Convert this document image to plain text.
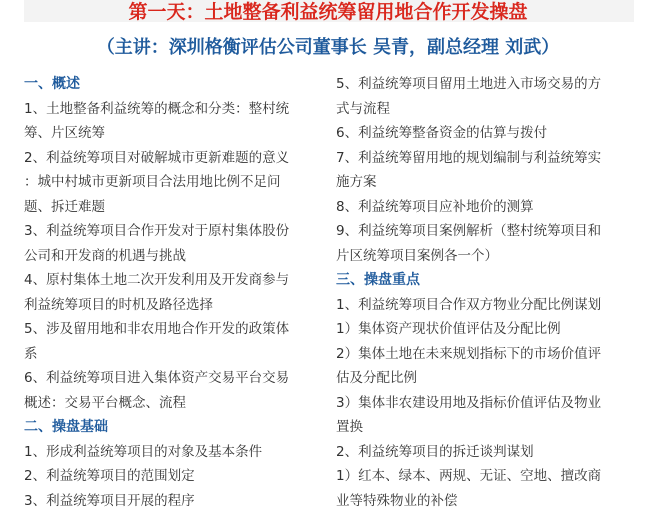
第一天：土地整备利益统筹留用地合作开发操盘
（主讲：深圳格衡评估公司董事长 吴青，副总经理 刘武）
一、概述
1、土地整备利益统筹的概念和分类：整村统
筹、片区统筹
2、利益统筹项目对破解城市更新难题的意义
：城中村城市更新项目合法用地比例不足问
题、拆迁难题
3、利益统筹项目合作开发对于原村集体股份
公司和开发商的机遇与挑战
4、原村集体土地二次开发利用及开发商参与
利益统筹项目的时机及路径选择
5、涉及留用地和非农用地合作开发的政策体
系
6、利益统筹项目进入集体资产交易平台交易
概述：交易平台概念、流程
二、操盘基础
1、形成利益统筹项目的对象及基本条件
2、利益统筹项目的范围划定
3、利益统筹项目开展的程序
5、利益统筹项目留用土地进入市场交易的方
式与流程
6、利益统筹整备资金的估算与拨付
7、利益统筹留用地的规划编制与利益统筹实
施方案
8、利益统筹项目应补地价的测算
9、利益统筹项目案例解析（整村统筹项目和
片区统筹项目案例各一个）
三、操盘重点
1、利益统筹项目合作双方物业分配比例谋划
1）集体资产现状价值评估及分配比例
2）集体土地在未来规划指标下的市场价值评
估及分配比例
3）集体非农建设用地及指标价值评估及物业
置换
2、利益统筹项目的拆迁谈判谋划
1）红本、绿本、两规、无证、空地、擅改商
业等特殊物业的补偿
